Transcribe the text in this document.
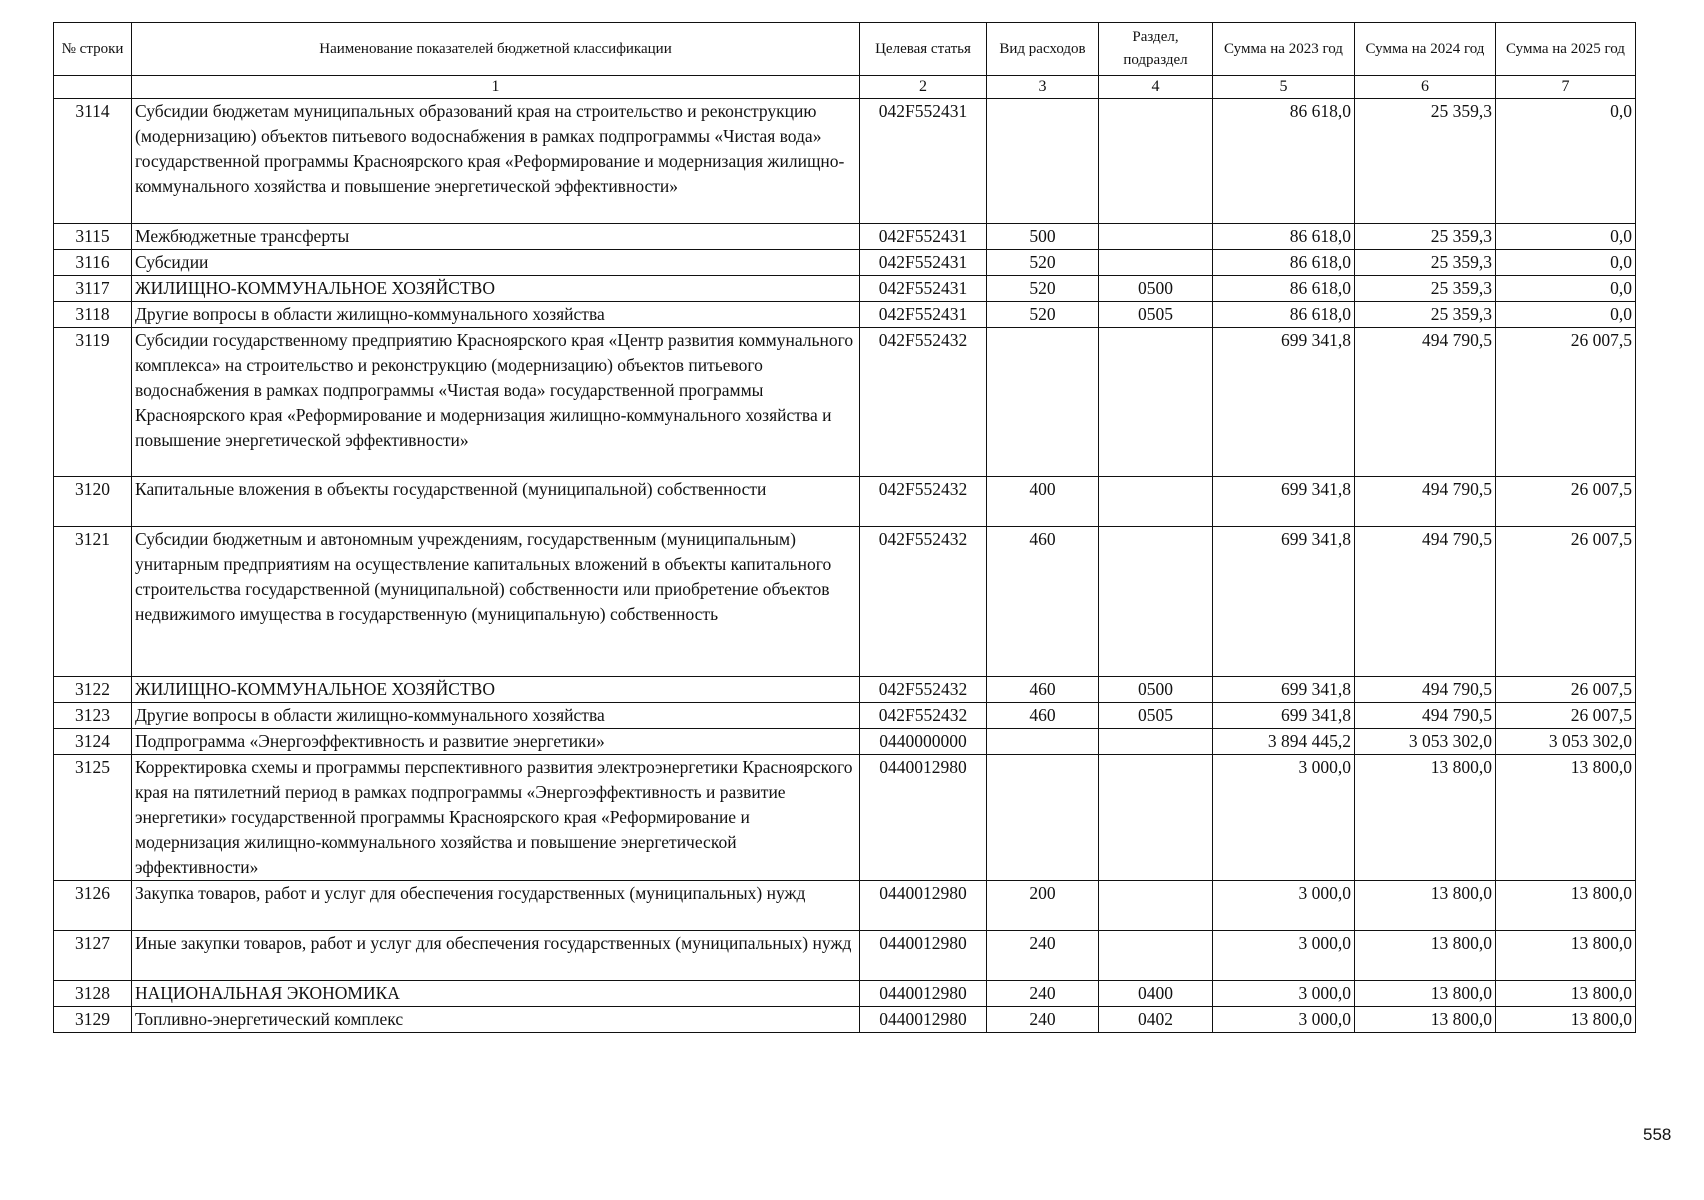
№ строки	Наименование показателей бюджетной классификации	Целевая статья	Вид расходов	Раздел, подраздел	Сумма на 2023 год	Сумма на 2024 год	Сумма на 2025 год
	1	2	3	4	5	6	7
3114	Субсидии бюджетам муниципальных образований края на строительство и реконструкцию (модернизацию) объектов питьевого водоснабжения в рамках подпрограммы «Чистая вода» государственной программы Красноярского края «Реформирование и модернизация жилищно-коммунального хозяйства и повышение энергетической эффективности»	042F552431			86 618,0	25 359,3	0,0
3115	Межбюджетные трансферты	042F552431	500		86 618,0	25 359,3	0,0
3116	Субсидии	042F552431	520		86 618,0	25 359,3	0,0
3117	ЖИЛИЩНО-КОММУНАЛЬНОЕ ХОЗЯЙСТВО	042F552431	520	0500	86 618,0	25 359,3	0,0
3118	Другие вопросы в области жилищно-коммунального хозяйства	042F552431	520	0505	86 618,0	25 359,3	0,0
3119	Субсидии государственному предприятию Красноярского края «Центр развития коммунального комплекса» на строительство и реконструкцию (модернизацию) объектов питьевого водоснабжения в рамках подпрограммы «Чистая вода» государственной программы Красноярского края «Реформирование и модернизация жилищно-коммунального хозяйства и повышение энергетической эффективности»	042F552432			699 341,8	494 790,5	26 007,5
3120	Капитальные вложения в объекты государственной (муниципальной) собственности	042F552432	400		699 341,8	494 790,5	26 007,5
3121	Субсидии бюджетным и автономным учреждениям, государственным (муниципальным) унитарным предприятиям на осуществление капитальных вложений в объекты капитального строительства государственной (муниципальной) собственности или приобретение объектов недвижимого имущества в государственную (муниципальную) собственность	042F552432	460		699 341,8	494 790,5	26 007,5
3122	ЖИЛИЩНО-КОММУНАЛЬНОЕ ХОЗЯЙСТВО	042F552432	460	0500	699 341,8	494 790,5	26 007,5
3123	Другие вопросы в области жилищно-коммунального хозяйства	042F552432	460	0505	699 341,8	494 790,5	26 007,5
3124	Подпрограмма «Энергоэффективность и развитие энергетики»	0440000000			3 894 445,2	3 053 302,0	3 053 302,0
3125	Корректировка схемы и программы перспективного развития электроэнергетики Красноярского края на пятилетний период в рамках подпрограммы «Энергоэффективность и развитие энергетики» государственной программы Красноярского края «Реформирование и модернизация жилищно-коммунального хозяйства и повышение энергетической эффективности»	0440012980			3 000,0	13 800,0	13 800,0
3126	Закупка товаров, работ и услуг для обеспечения государственных (муниципальных) нужд	0440012980	200		3 000,0	13 800,0	13 800,0
3127	Иные закупки товаров, работ и услуг для обеспечения государственных (муниципальных) нужд	0440012980	240		3 000,0	13 800,0	13 800,0
3128	НАЦИОНАЛЬНАЯ ЭКОНОМИКА	0440012980	240	0400	3 000,0	13 800,0	13 800,0
3129	Топливно-энергетический комплекс	0440012980	240	0402	3 000,0	13 800,0	13 800,0
558
